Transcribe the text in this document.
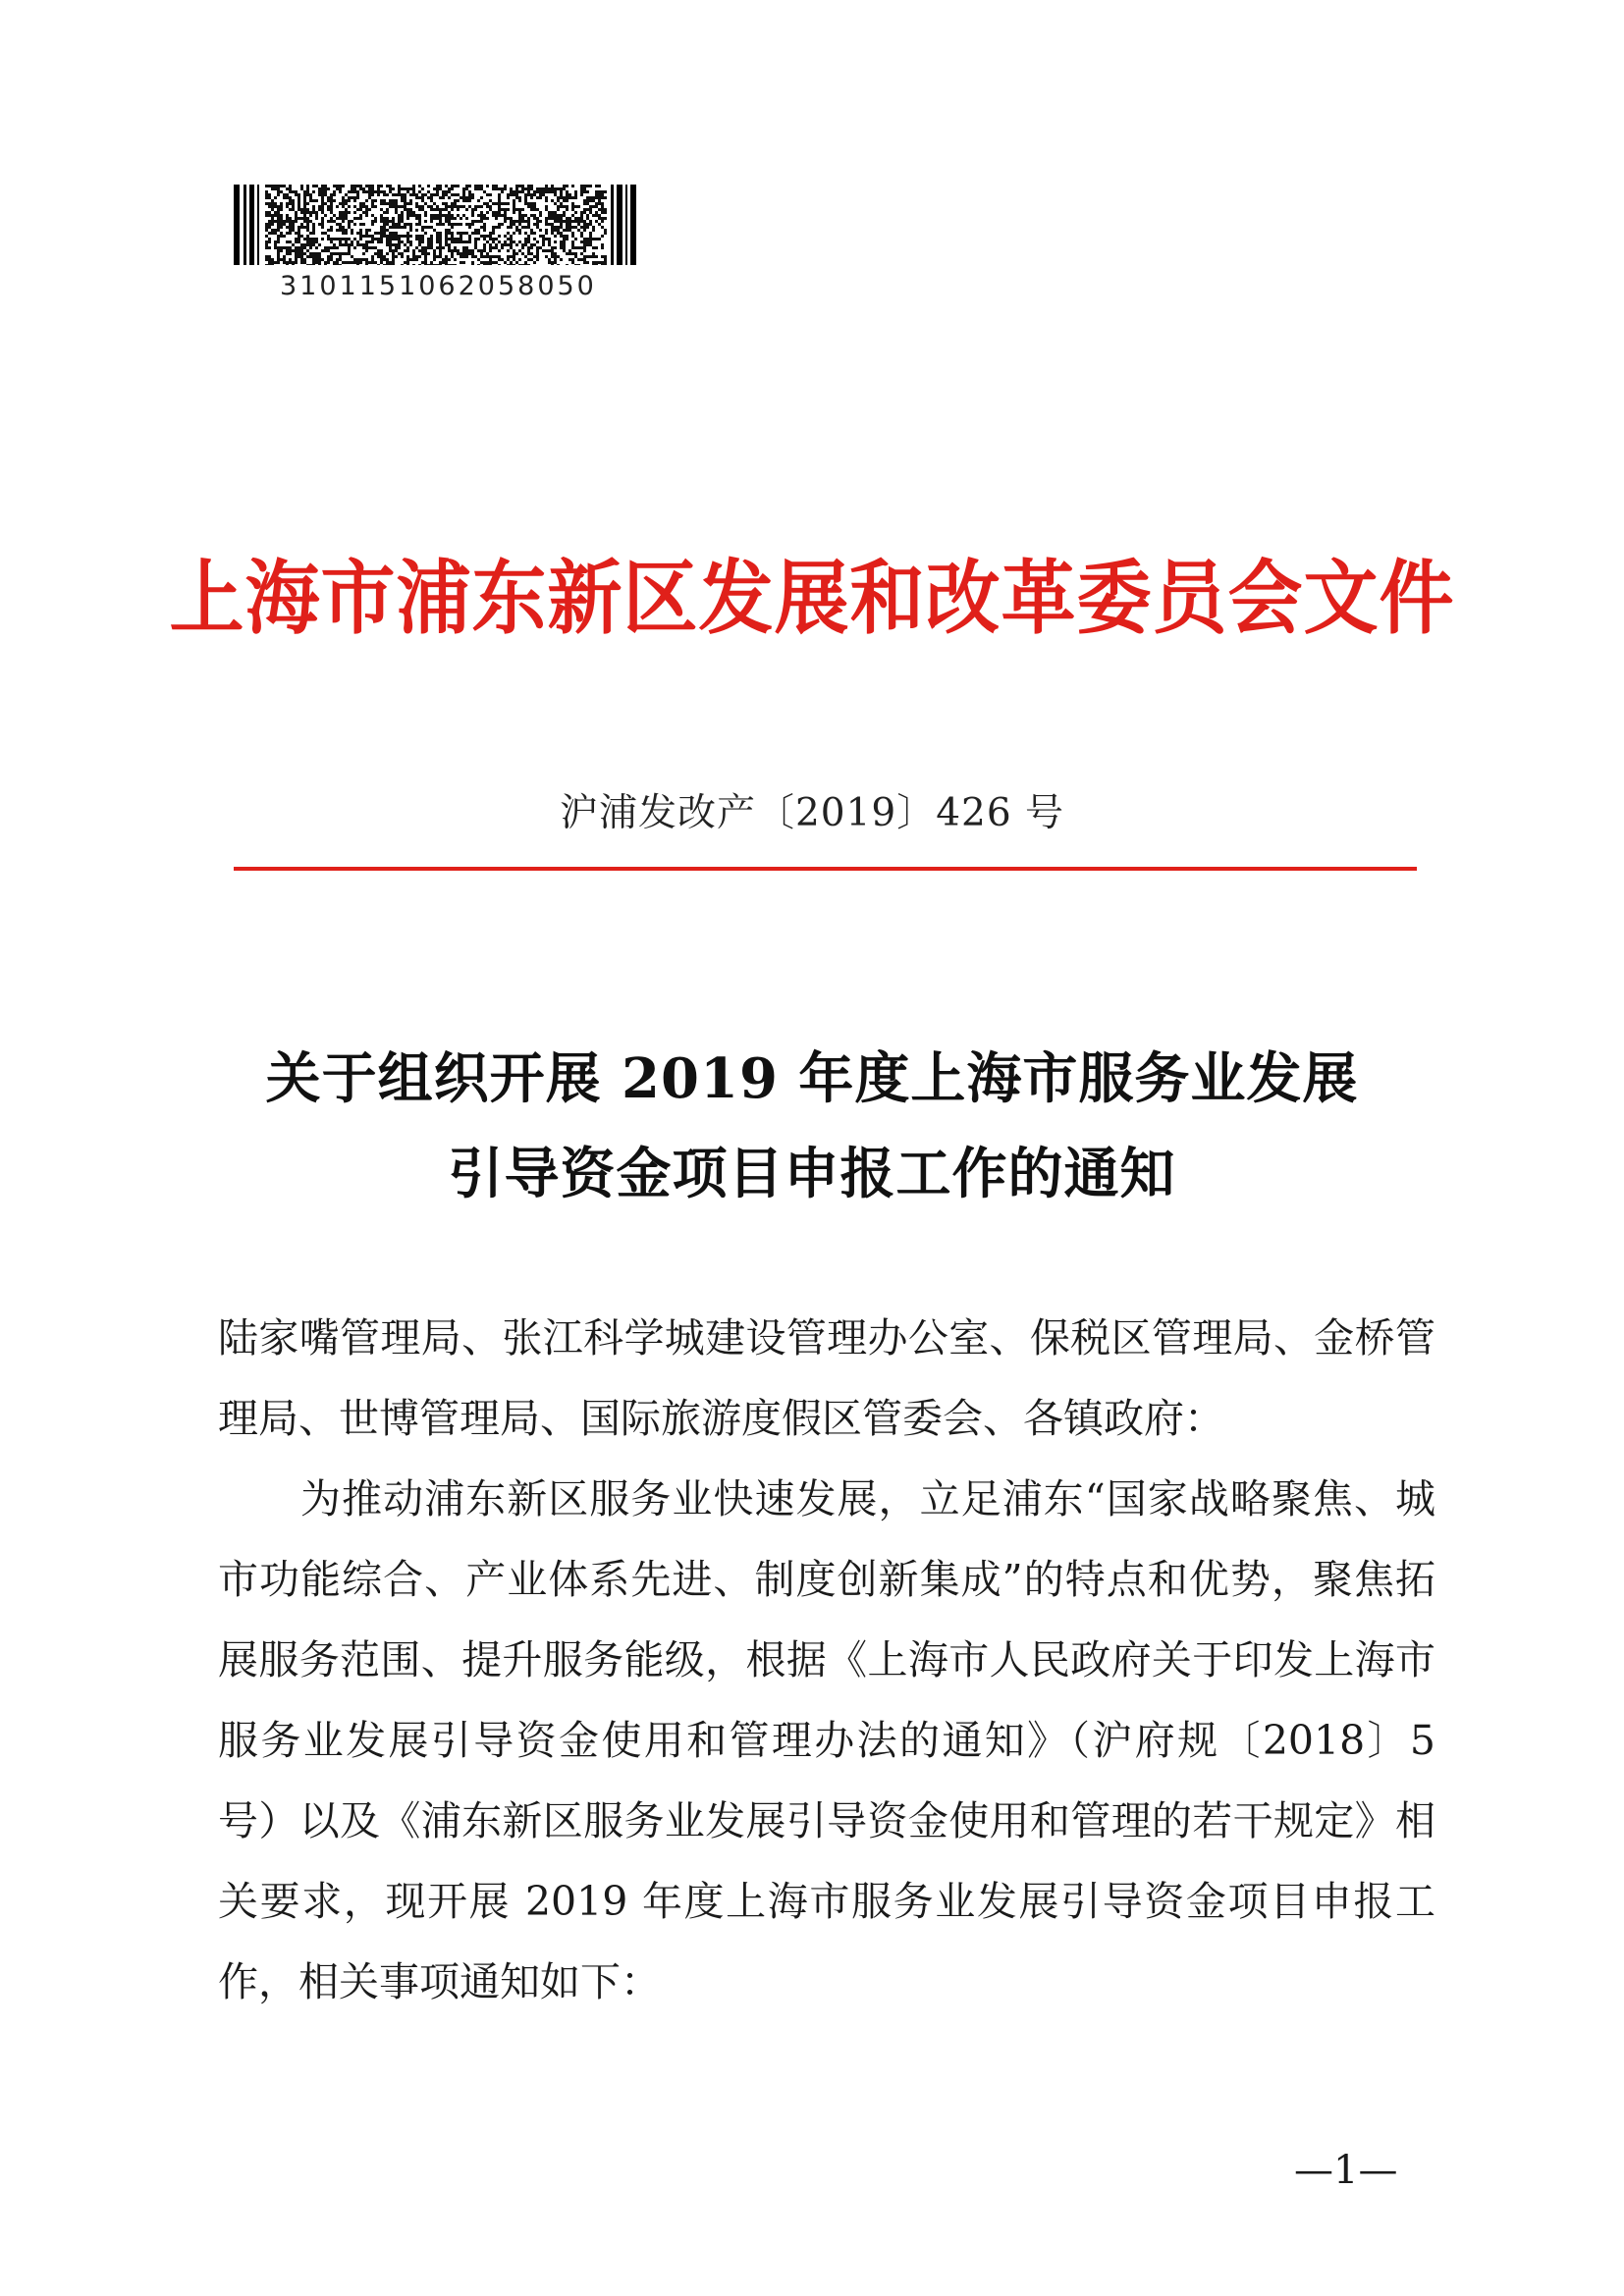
3101151062058050
上海市浦东新区发展和改革委员会文件
沪浦发改产〔2019〕426 号
关于组织开展 2019 年度上海市服务业发展
引导资金项目申报工作的通知

陆家嘴管理局、张江科学城建设管理办公室、保税区管理局、金桥管理局、世博管理局、国际旅游度假区管委会、各镇政府：

为推动浦东新区服务业快速发展，立足浦东“国家战略聚焦、城市功能综合、产业体系先进、制度创新集成”的特点和优势，聚焦拓展服务范围、提升服务能级，根据《上海市人民政府关于印发上海市服务业发展引导资金使用和管理办法的通知》（沪府规〔2018〕5 号）以及《浦东新区服务业发展引导资金使用和管理的若干规定》相关要求，现开展 2019 年度上海市服务业发展引导资金项目申报工作，相关事项通知如下：

—1—
